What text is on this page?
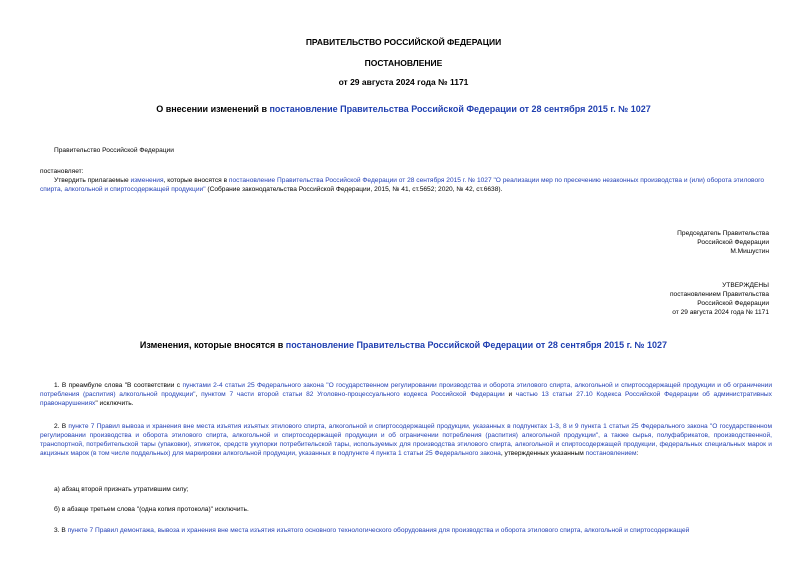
ПРАВИТЕЛЬСТВО РОССИЙСКОЙ ФЕДЕРАЦИИ
ПОСТАНОВЛЕНИЕ
от 29 августа 2024 года № 1171
О внесении изменений в постановление Правительства Российской Федерации от 28 сентября 2015 г. № 1027
Правительство Российской Федерации
постановляет:
Утвердить прилагаемые изменения, которые вносятся в постановление Правительства Российской Федерации от 28 сентября 2015 г. № 1027 "О реализации мер по пресечению незаконных производства и (или) оборота этилового спирта, алкогольной и спиртосодержащей продукции" (Собрание законодательства Российской Федерации, 2015, № 41, ст.5652; 2020, № 42, ст.6638).
Председатель Правительства
Российской Федерации
М.Мишустин
УТВЕРЖДЕНЫ
постановлением Правительства
Российской Федерации
от 29 августа 2024 года № 1171
Изменения, которые вносятся в постановление Правительства Российской Федерации от 28 сентября 2015 г. № 1027
1. В преамбуле слова "В соответствии с пунктами 2-4 статьи 25 Федерального закона "О государственном регулировании производства и оборота этилового спирта, алкогольной и спиртосодержащей продукции и об ограничении потребления (распития) алкогольной продукции", пунктом 7 части второй статьи 82 Уголовно-процессуального кодекса Российской Федерации и частью 13 статьи 27.10 Кодекса Российской Федерации об административных правонарушениях" исключить.
2. В пункте 7 Правил вывоза и хранения вне места изъятия изъятых этилового спирта, алкогольной и спиртосодержащей продукции, указанных в подпунктах 1-3, 8 и 9 пункта 1 статьи 25 Федерального закона "О государственном регулировании производства и оборота этилового спирта, алкогольной и спиртосодержащей продукции и об ограничении потребления (распития) алкогольной продукции", а также сырья, полуфабрикатов, производственной, транспортной, потребительской тары (упаковки), этикеток, средств укупорки потребительской тары, используемых для производства этилового спирта, алкогольной и спиртосодержащей продукции, федеральных специальных марок и акцизных марок (в том числе поддельных) для маркировки алкогольной продукции, указанных в подпункте 4 пункта 1 статьи 25 Федерального закона, утвержденных указанным постановлением:
а) абзац второй признать утратившим силу;
б) в абзаце третьем слова "(одна копия протокола)" исключить.
3. В пункте 7 Правил демонтажа, вывоза и хранения вне места изъятия изъятого основного технологического оборудования для производства и оборота этилового спирта, алкогольной и спиртосодержащей
